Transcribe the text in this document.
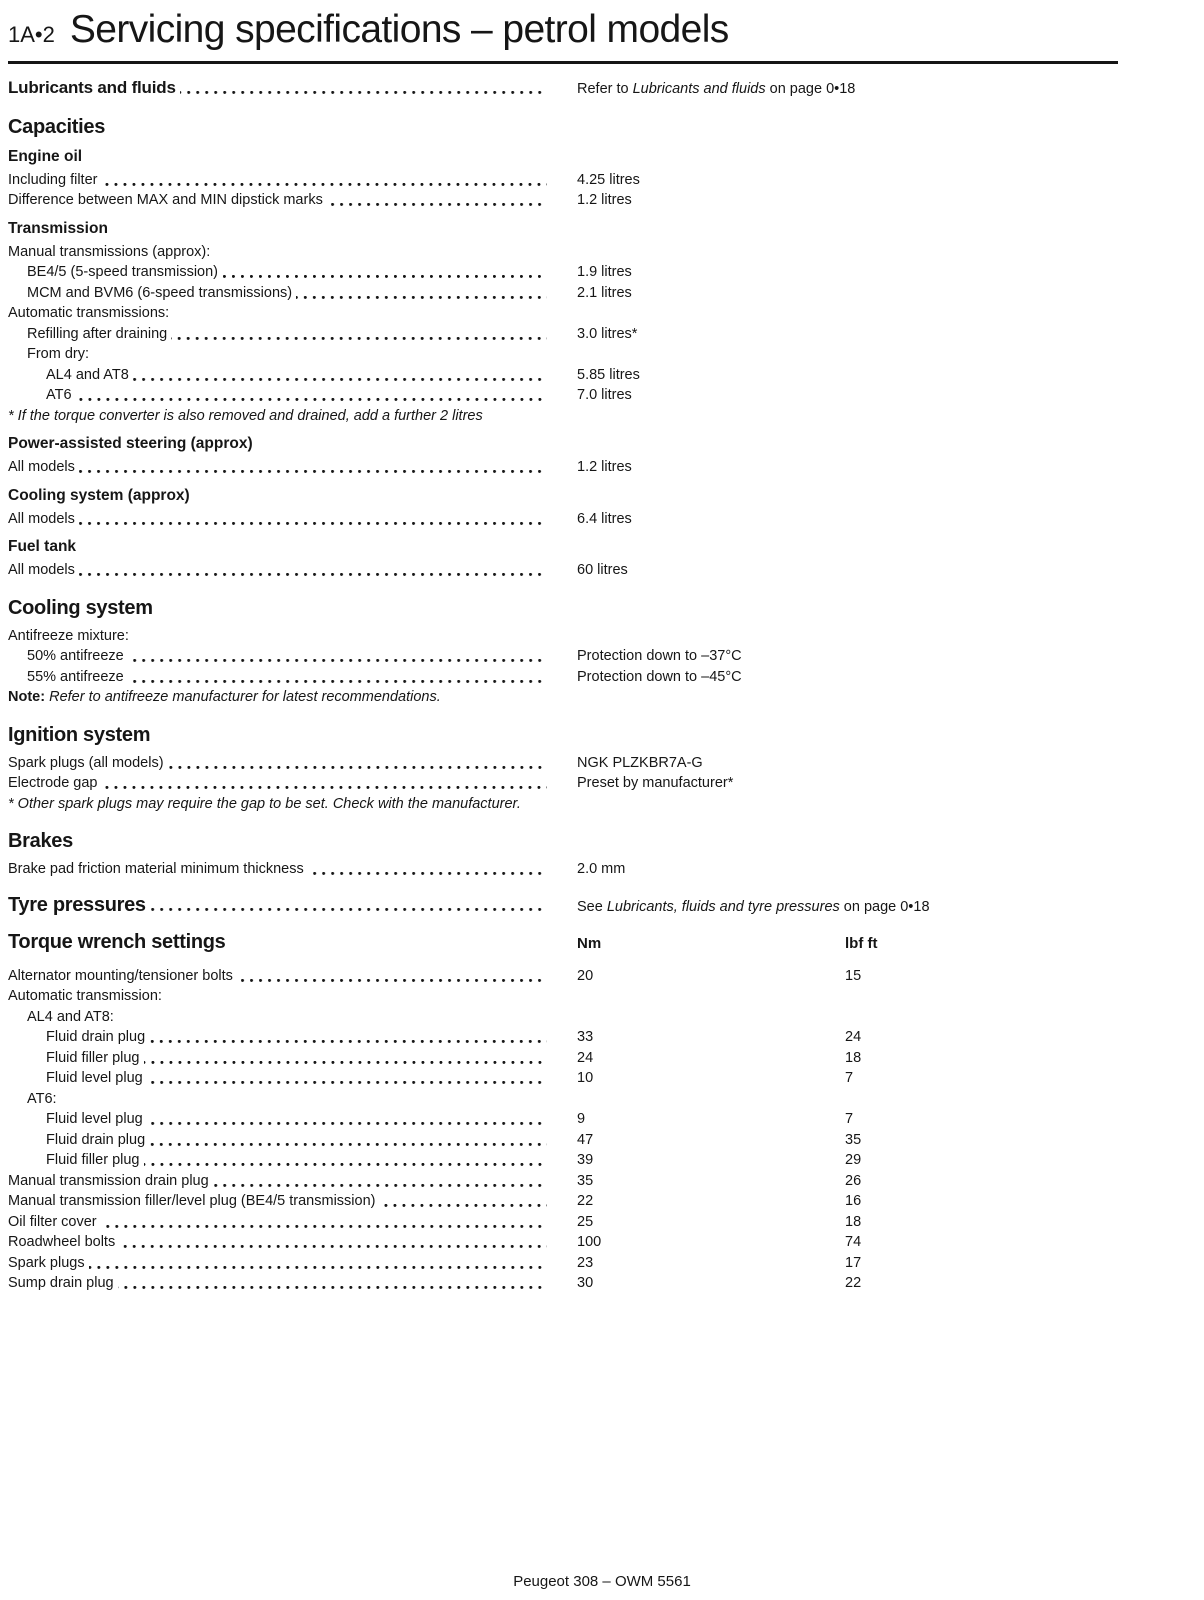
1A•2 Servicing specifications – petrol models
Lubricants and fluids	Refer to Lubricants and fluids on page 0•18
Capacities
Engine oil
Including filter	4.25 litres
Difference between MAX and MIN dipstick marks	1.2 litres
Transmission
Manual transmissions (approx):
BE4/5 (5-speed transmission)	1.9 litres
MCM and BVM6 (6-speed transmissions)	2.1 litres
Automatic transmissions:
Refilling after draining	3.0 litres*
From dry:
AL4 and AT8	5.85 litres
AT6	7.0 litres
* If the torque converter is also removed and drained, add a further 2 litres
Power-assisted steering (approx)
All models	1.2 litres
Cooling system (approx)
All models	6.4 litres
Fuel tank
All models	60 litres
Cooling system
Antifreeze mixture:
50% antifreeze	Protection down to –37°C
55% antifreeze	Protection down to –45°C
Note: Refer to antifreeze manufacturer for latest recommendations.
Ignition system
Spark plugs (all models)	NGK PLZKBR7A-G
Electrode gap	Preset by manufacturer*
* Other spark plugs may require the gap to be set. Check with the manufacturer.
Brakes
Brake pad friction material minimum thickness	2.0 mm
Tyre pressures	See Lubricants, fluids and tyre pressures on page 0•18
Torque wrench settings	Nm	lbf ft
Alternator mounting/tensioner bolts	20	15
Automatic transmission:
AL4 and AT8:
Fluid drain plug	33	24
Fluid filler plug	24	18
Fluid level plug	10	7
AT6:
Fluid level plug	9	7
Fluid drain plug	47	35
Fluid filler plug	39	29
Manual transmission drain plug	35	26
Manual transmission filler/level plug (BE4/5 transmission)	22	16
Oil filter cover	25	18
Roadwheel bolts	100	74
Spark plugs	23	17
Sump drain plug	30	22
Peugeot 308 – OWM 5561
